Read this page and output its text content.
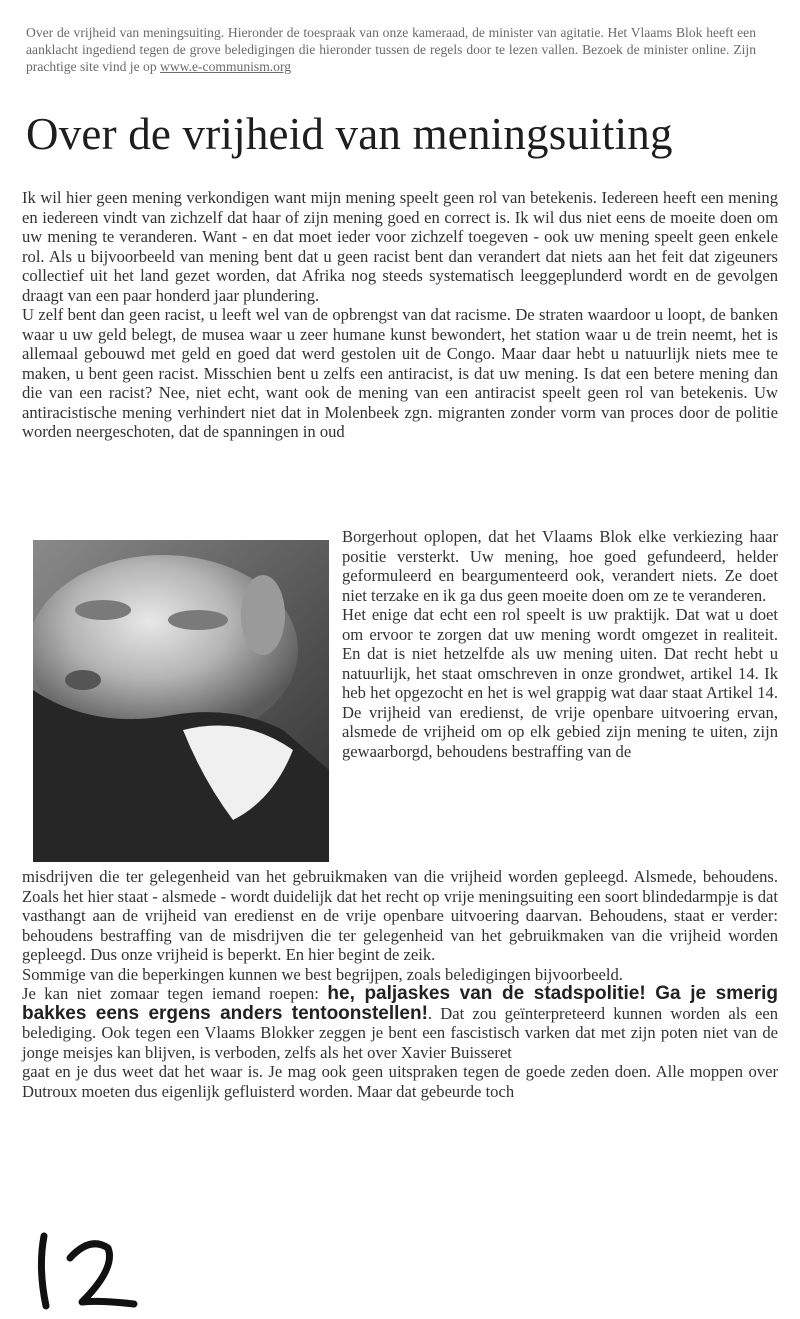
Over de vrijheid van meningsuiting. Hieronder de toespraak van onze kameraad, de minister van agitatie. Het Vlaams Blok heeft een aanklacht ingediend tegen de grove beledigingen die hieronder tussen de regels door te lezen vallen. Bezoek de minister online. Zijn prachtige site vind je op www.e-communism.org
Over de vrijheid van meningsuiting

Ik wil hier geen mening verkondigen want mijn mening speelt geen rol van betekenis. Iedereen heeft een mening en iedereen vindt van zichzelf dat haar of zijn mening goed en correct is. Ik wil dus niet eens de moeite doen om uw mening te veranderen. Want - en dat moet ieder voor zichzelf toegeven - ook uw mening speelt geen enkele rol. Als u bijvoorbeeld van mening bent dat u geen racist bent dan verandert dat niets aan het feit dat zigeuners collectief uit het land gezet worden, dat Afrika nog steeds systematisch leeggeplunderd wordt en de gevolgen draagt van een paar honderd jaar plundering.

U zelf bent dan geen racist, u leeft wel van de opbrengst van dat racisme. De straten waardoor u loopt, de banken waar u uw geld belegt, de musea waar u zeer humane kunst bewondert, het station waar u de trein neemt, het is allemaal gebouwd met geld en goed dat werd gestolen uit de Congo. Maar daar hebt u natuurlijk niets mee te maken, u bent geen racist. Misschien bent u zelfs een antiracist, is dat uw mening. Is dat een betere mening dan die van een racist? Nee, niet echt, want ook de mening van een antiracist speelt geen rol van betekenis. Uw antiracistische mening verhindert niet dat in Molenbeek zgn. migranten zonder vorm van proces door de politie worden neergeschoten, dat de spanningen in oud

Borgerhout oplopen, dat het Vlaams Blok elke verkiezing haar positie versterkt. Uw mening, hoe goed gefundeerd, helder geformuleerd en beargumenteerd ook, verandert niets. Ze doet niet terzake en ik ga dus geen moeite doen om ze te veranderen.

Het enige dat echt een rol speelt is uw praktijk. Dat wat u doet om ervoor te zorgen dat uw mening wordt omgezet in realiteit. En dat is niet hetzelfde als uw mening uiten. Dat recht hebt u natuurlijk, het staat omschreven in onze grondwet, artikel 14. Ik heb het opgezocht en het is wel grappig wat daar staat Artikel 14. De vrijheid van eredienst, de vrije openbare uitvoering ervan, alsmede de vrijheid om op elk gebied zijn mening te uiten, zijn gewaarborgd, behoudens bestraffing van de

misdrijven die ter gelegenheid van het gebruikmaken van die vrijheid worden gepleegd. Alsmede, behoudens. Zoals het hier staat - alsmede - wordt duidelijk dat het recht op vrije meningsuiting een soort blindedarmpje is dat vasthangt aan de vrijheid van eredienst en de vrije openbare uitvoering daarvan. Behoudens, staat er verder: behoudens bestraffing van de misdrijven die ter gelegenheid van het gebruikmaken van die vrijheid worden gepleegd. Dus onze vrijheid is beperkt. En hier begint de zeik.

Sommige van die beperkingen kunnen we best begrijpen, zoals beledigingen bijvoorbeeld.

Je kan niet zomaar tegen iemand roepen: he, paljaskes van de stadspolitie! Ga je smerig bakkes eens ergens anders tentoonstellen!. Dat zou geïnterpreteerd kunnen worden als een belediging. Ook tegen een Vlaams Blokker zeggen je bent een fascistisch varken dat met zijn poten niet van de jonge meisjes kan blijven, is verboden, zelfs als het over Xavier Buisseret

gaat en je dus weet dat het waar is. Je mag ook geen uitspraken tegen de goede zeden doen. Alle moppen over Dutroux moeten dus eigenlijk gefluisterd worden. Maar dat gebeurde toch
